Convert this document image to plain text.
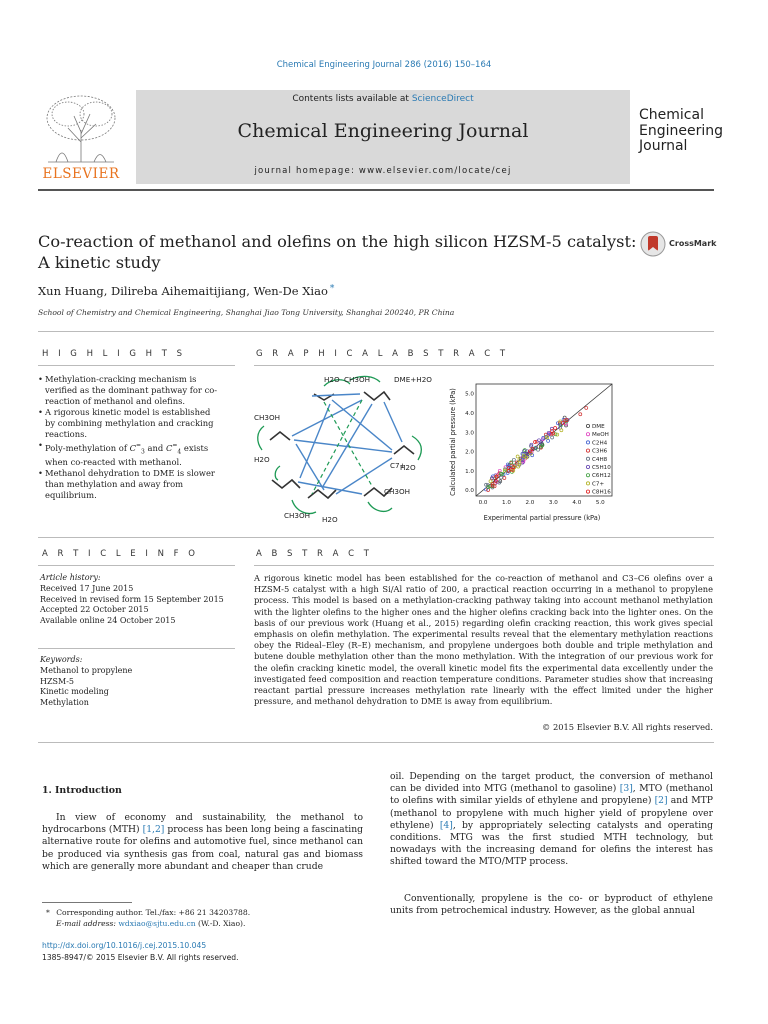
Chemical Engineering Journal 286 (2016) 150–164
ELSEVIER
Contents lists available at ScienceDirect
Chemical Engineering Journal
journal homepage: www.elsevier.com/locate/cej
Chemical
Engineering
Journal
Co-reaction of methanol and olefins on the high silicon HZSM-5 catalyst:
A kinetic study
CrossMark
Xun Huang, Dilireba Aihemaitijiang, Wen-De Xiao *
School of Chemistry and Chemical Engineering, Shanghai Jiao Tong University, Shanghai 200240, PR China
H I G H L I G H T S
• Methylation-cracking mechanism is verified as the dominant pathway for co-reaction of methanol and olefins.
• A rigorous kinetic model is established by combining methylation and cracking reactions.
• Poly-methylation of $C^=_3$ and $C^=_4$ exists when co-reacted with methanol.
• Methanol dehydration to DME is slower than methylation and away from equilibrium.
G R A P H I C A L A B S T R A C T
H2O CH3OH	DME+H2O
CH3OH
C7+
H2O
H2O
CH3OH
CH3OH H2O
0.0
0.0
1.0
1.0
2.0
2.0
3.0
3.0
4.0
4.0
5.0
5.0
DME
MeOH
C2H4
C3H6
C4H8
C5H10
C6H12
C7+
C8H16
Experimental partial pressure (kPa)
Calculated partial pressure (kPa)
A R T I C L E I N F O
Article history:
Received 17 June 2015
Received in revised form 15 September 2015
Accepted 22 October 2015
Available online 24 October 2015
Keywords:
Methanol to propylene
HZSM-5
Kinetic modeling
Methylation
A B S T R A C T
A rigorous kinetic model has been established for the co-reaction of methanol and C3–C6 olefins over a HZSM-5 catalyst with a high Si/Al ratio of 200, a practical reaction occurring in a methanol to propylene process. This model is based on a methylation-cracking pathway taking into account methanol methylation with the lighter olefins to the higher ones and the higher olefins cracking back into the lighter ones. On the basis of our previous work (Huang et al., 2015) regarding olefin cracking reaction, this work gives special emphasis on olefin methylation. The experimental results reveal that the elementary methylation reactions obey the Rideal–Eley (R–E) mechanism, and propylene undergoes both double and triple methylation and butene double methylation other than the mono methylation. With the integration of our previous work for the olefin cracking kinetic model, the overall kinetic model fits the experimental data excellently under the investigated feed composition and reaction temperature conditions. Parameter studies show that increasing reactant partial pressure increases methylation rate linearly with the effect limited under the higher pressure, and methanol dehydration to DME is away from equilibrium.
© 2015 Elsevier B.V. All rights reserved.
1. Introduction
In view of economy and sustainability, the methanol to hydrocarbons (MTH) [1,2] process has been long being a fascinating alternative route for olefins and automotive fuel, since methanol can be produced via synthesis gas from coal, natural gas and biomass which are generally more abundant and cheaper than crude
oil. Depending on the target product, the conversion of methanol can be divided into MTG (methanol to gasoline) [3], MTO (methanol to olefins with similar yields of ethylene and propylene) [2] and MTP (methanol to propylene with much higher yield of propylene over ethylene) [4], by appropriately selecting catalysts and operating conditions. MTG was the first studied MTH technology, but nowadays with the increasing demand for olefins the interest has shifted toward the MTO/MTP process.
Conventionally, propylene is the co- or byproduct of ethylene units from petrochemical industry. However, as the global annual
* Corresponding author. Tel./fax: +86 21 34203788.
E-mail address: wdxiao@sjtu.edu.cn (W.-D. Xiao).
http://dx.doi.org/10.1016/j.cej.2015.10.045
1385-8947/© 2015 Elsevier B.V. All rights reserved.
